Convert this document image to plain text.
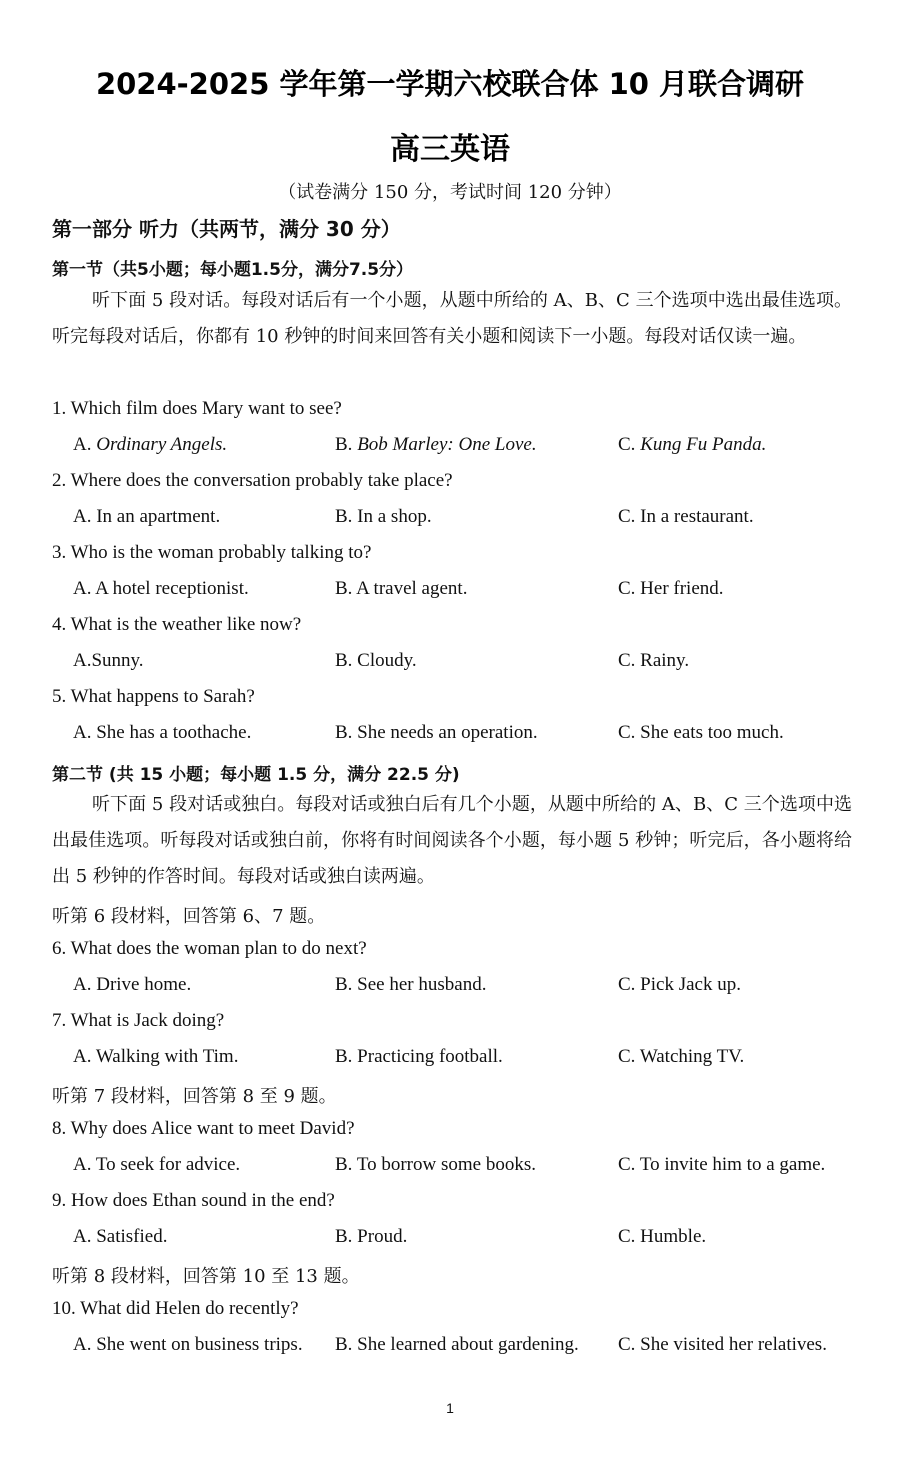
2024-2025 学年第一学期六校联合体 10 月联合调研
高三英语
（试卷满分 150 分，考试时间 120 分钟）
第一部分 听力（共两节，满分 30 分）
第一节（共5小题；每小题1.5分，满分7.5分）
听下面 5 段对话。每段对话后有一个小题，从题中所给的 A、B、C 三个选项中选出最佳选项。听完每段对话后，你都有 10 秒钟的时间来回答有关小题和阅读下一小题。每段对话仅读一遍。
1. Which film does Mary want to see?
A. Ordinary Angels.	B. Bob Marley: One Love.	C. Kung Fu Panda.
2. Where does the conversation probably take place?
A. In an apartment.	B. In a shop.	C. In a restaurant.
3. Who is the woman probably talking to?
A. A hotel receptionist.	B. A travel agent.	C. Her friend.
4. What is the weather like now?
A.Sunny.	B. Cloudy.	C. Rainy.
5. What happens to Sarah?
A. She has a toothache.	B. She needs an operation.	C. She eats too much.
第二节 (共 15 小题；每小题 1.5 分，满分 22.5 分)
听下面 5 段对话或独白。每段对话或独白后有几个小题，从题中所给的 A、B、C 三个选项中选出最佳选项。听每段对话或独白前，你将有时间阅读各个小题，每小题 5 秒钟；听完后，各小题将给出 5 秒钟的作答时间。每段对话或独白读两遍。
听第 6 段材料，回答第 6、7 题。
6. What does the woman plan to do next?
A. Drive home.	B. See her husband.	C. Pick Jack up.
7. What is Jack doing?
A. Walking with Tim.	B. Practicing football.	C. Watching TV.
听第 7 段材料，回答第 8 至 9 题。
8. Why does Alice want to meet David?
A. To seek for advice.	B. To borrow some books.	C. To invite him to a game.
9. How does Ethan sound in the end?
A. Satisfied.	B. Proud.	C. Humble.
听第 8 段材料，回答第 10 至 13 题。
10. What did Helen do recently?
A. She went on business trips. B. She learned about gardening. C. She visited her relatives.
1
